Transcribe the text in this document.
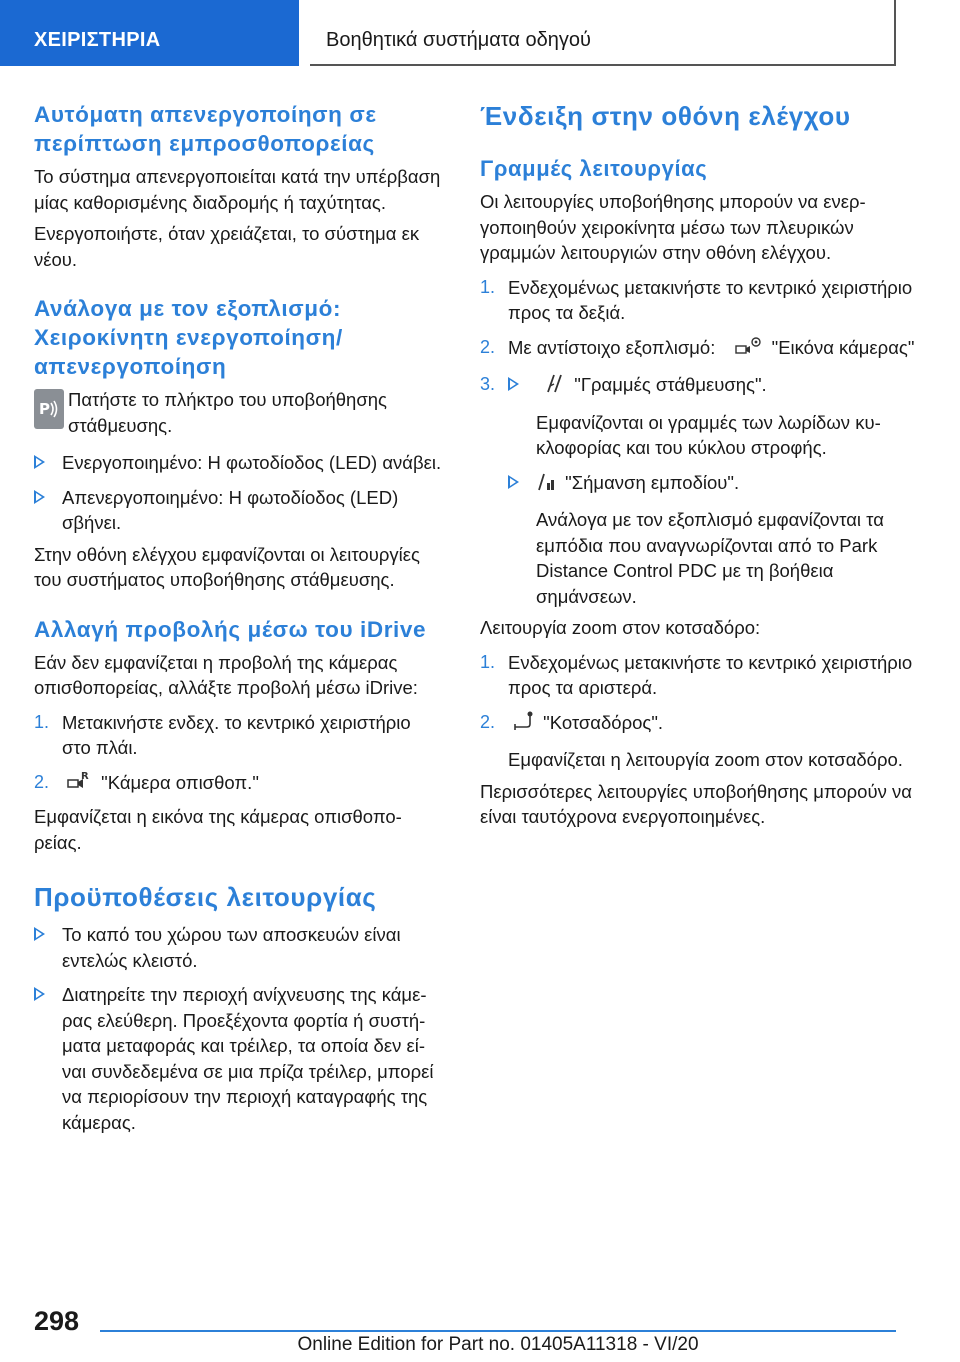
ΧΕΙΡΙΣΤΗΡΙΑ	Βοηθητικά συστήματα οδηγού
Αυτόματη απενεργοποίηση σε περίπτωση εμπροσθοπορείας

Το σύστημα απενεργοποιείται κατά την υπέρβαση μίας καθορισμένης διαδρομής ή ταχύτητας.

Ενεργοποιήστε, όταν χρειάζεται, το σύστημα εκ νέου.

Ανάλογα με τον εξοπλισμό: Χειροκίνητη ενεργοποίηση/ απενεργοποίηση
P Πατήστε το πλήκτρο του υποβοήθησης στάθμευσης.
Ενεργοποιημένο: Η φωτοδίοδος (LED) ανάβει.
Απενεργοποιημένο: Η φωτοδίοδος (LED) σβήνει.

Στην οθόνη ελέγχου εμφανίζονται οι λειτουργίες του συστήματος υποβοήθησης στάθμευσης.

Αλλαγή προβολής μέσω του iDrive

Εάν δεν εμφανίζεται η προβολή της κάμερας οπισθοπορείας, αλλάξτε προβολή μέσω iDrive:

1. Μετακινήστε ενδεχ. το κεντρικό χειριστήριο στο πλάι.
2.	R "Κάμερα οπισθοπ."

Εμφανίζεται η εικόνα της κάμερας οπισθοπορείας.

Προϋποθέσεις λειτουργίας
Το καπό του χώρου των αποσκευών είναι εντελώς κλειστό.
Διατηρείτε την περιοχή ανίχνευσης της κάμερας ελεύθερη. Προεξέχοντα φορτία ή συστήματα μεταφοράς και τρέιλερ, τα οποία δεν είναι συνδεδεμένα σε μια πρίζα τρέιλερ, μπορεί να περιορίσουν την περιοχή καταγραφής της κάμερας.
Ένδειξη στην οθόνη ελέγχου
Γραμμές λειτουργίας

Οι λειτουργίες υποβοήθησης μπορούν να ενεργοποιηθούν χειροκίνητα μέσω των πλευρικών γραμμών λειτουργιών στην οθόνη ελέγχου.

1. Ενδεχομένως μετακινήστε το κεντρικό χειριστήριο προς τα δεξιά.
2. Με αντίστοιχο εξοπλισμό:	"Εικόνα κάμερας"
3.	"Γραμμές στάθμευσης".
Εμφανίζονται οι γραμμές των λωρίδων κυκλοφορίας και του κύκλου στροφής.
"Σήμανση εμποδίου".
Ανάλογα με τον εξοπλισμό εμφανίζονται τα εμπόδια που αναγνωρίζονται από το Park Distance Control PDC με τη βοήθεια σημάνσεων.

Λειτουργία zoom στον κοτσαδόρο:

1. Ενδεχομένως μετακινήστε το κεντρικό χειριστήριο προς τα αριστερά.
2.	"Κοτσαδόρος".
Εμφανίζεται η λειτουργία zoom στον κοτσαδόρο.

Περισσότερες λειτουργίες υποβοήθησης μπορούν να είναι ταυτόχρονα ενεργοποιημένες.

298
Online Edition for Part no. 01405A11318 - VI/20
